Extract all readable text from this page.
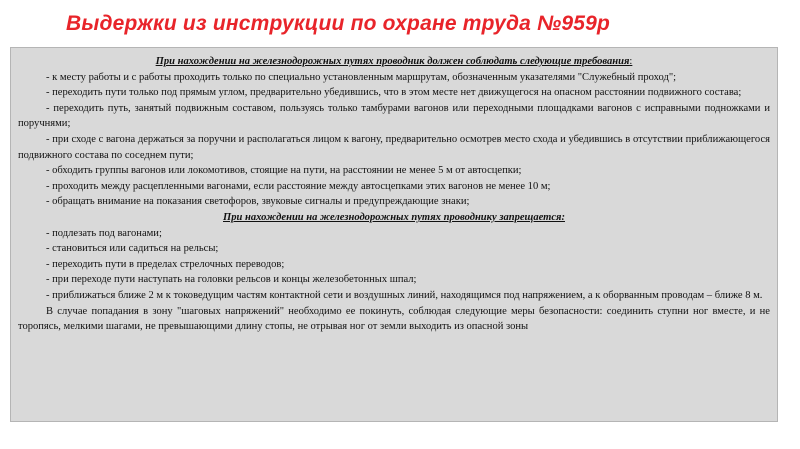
Выдержки из инструкции по охране труда №959р

При нахождении на железнодорожных путях проводник должен соблюдать следующие требования:

- к месту работы и с работы проходить только по специально установленным маршрутам, обозначенным указателями "Служебный проход";

- переходить пути только под прямым углом, предварительно убедившись, что в этом месте нет движущегося на опасном расстоянии подвижного состава;

- переходить путь, занятый подвижным составом, пользуясь только тамбурами вагонов или переходными площадками вагонов с исправными подножками и поручнями;

- при сходе с вагона держаться за поручни и располагаться лицом к вагону, предварительно осмотрев место схода и убедившись в отсутствии приближающегося подвижного состава по соседнем пути;

- обходить группы вагонов или локомотивов, стоящие на пути, на расстоянии не менее 5 м от автосцепки;

- проходить между расцепленными вагонами, если расстояние между автосцепками этих вагонов не менее 10 м;

- обращать внимание на показания светофоров, звуковые сигналы и предупреждающие знаки;

При нахождении на железнодорожных путях проводнику запрещается:

- подлезать под вагонами;

- становиться или садиться на рельсы;

- переходить пути в пределах стрелочных переводов;

- при переходе пути наступать на головки рельсов и концы железобетонных шпал;

- приближаться ближе 2 м к токоведущим частям контактной сети и воздушных линий, находящимся под напряжением, а к оборванным проводам – ближе 8 м.

В случае попадания в зону "шаговых напряжений" необходимо ее покинуть, соблюдая следующие меры безопасности: соединить ступни ног вместе, и не торопясь, мелкими шагами, не превышающими длину стопы, не отрывая ног от земли выходить из опасной зоны
